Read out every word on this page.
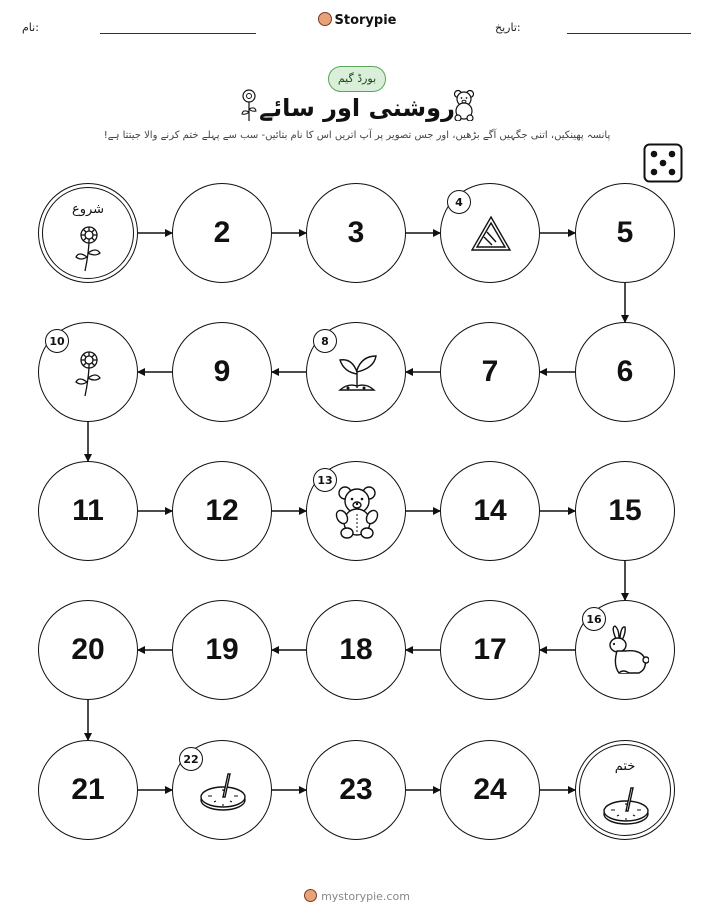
نام:	Storypie	تاریخ:
بورڈ گیم
روشنی اور سائے
پانسہ پھینکیں، اتنی جگہیں آگے بڑھیں، اور جس تصویر پر آپ اتریں اس کا نام بتائیں- سب سے پہلے ختم کرنے والا جیتتا ہے!
شروع
2	3
4
5
6
7
8
9
10
11	12
13
14	15
16
17
18
19
20
21
22
23	24
ختم
mystorypie.com
